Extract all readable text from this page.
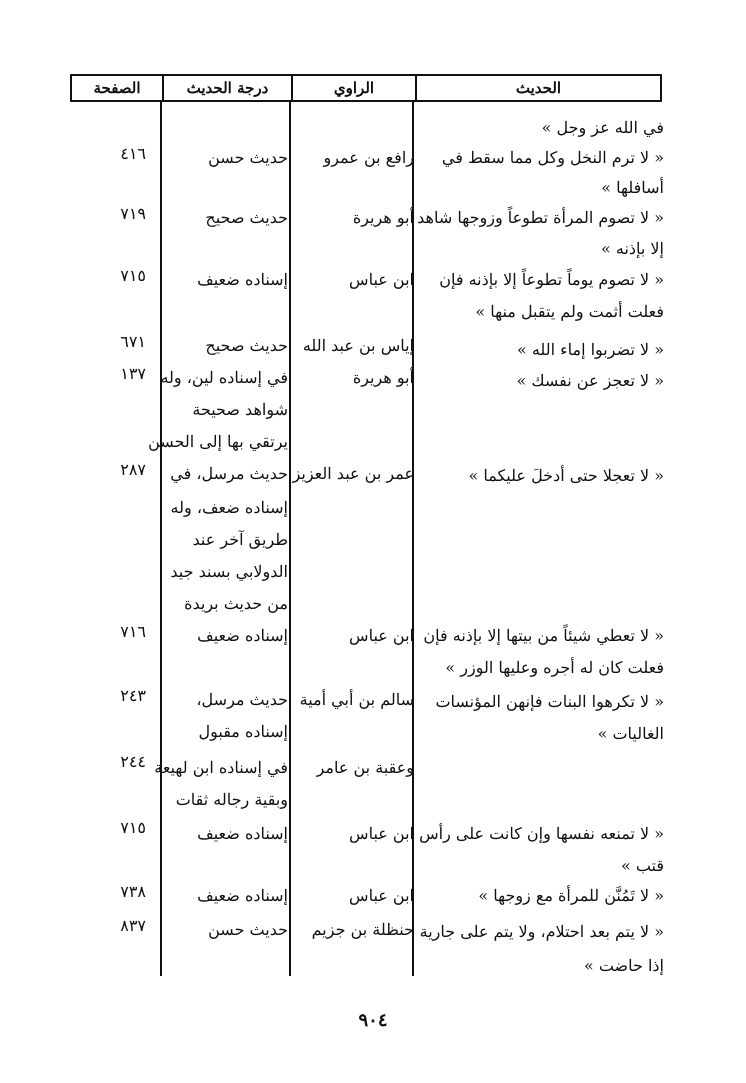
الحديث
الراوي
درجة الحديث
الصفحة
في الله عز وجل »
« لا ترم النخل وكل مما سقط في
أسافلها »
« لا تصوم المرأة تطوعاً وزوجها شاهد
إلا بإذنه »
« لا تصوم يوماً تطوعاً إلا بإذنه فإن
فعلت أثمت ولم يتقبل منها »
« لا تضربوا إماء الله »
« لا تعجز عن نفسك »
« لا تعجلا حتى أدخلَ عليكما »
« لا تعطي شيئاً من بيتها إلا بإذنه فإن
فعلت كان له أجره وعليها الوزر »
« لا تكرهوا البنات فإنهن المؤنسات
الغاليات »
« لا تمنعه نفسها وإن كانت على رأس
قتب »
« لا تَمُنَّن للمرأة مع زوجها »
« لا يتم بعد احتلام، ولا يتم على جارية
إذا حاضت »
رافع بن عمرو
أبو هريرة
ابن عباس
إياس بن عبد الله
أبو هريرة
عمر بن عبد العزيز
ابن عباس
سالم بن أبي أمية
وعقبة بن عامر
ابن عباس
ابن عباس
حنظلة بن جزيم
حديث حسن
حديث صحيح
إسناده ضعيف
حديث صحيح
في إسناده لين، وله
شواهد صحيحة
يرتقي بها إلى الحسن
حديث مرسل، في
إسناده ضعف، وله
طريق آخر عند
الدولابي بسند جيد
من حديث بريدة
إسناده ضعيف
حديث مرسل،
إسناده مقبول
في إسناده ابن لهيعة
وبقية رجاله ثقات
إسناده ضعيف
إسناده ضعيف
حديث حسن
٤١٦
٧١٩
٧١٥
٦٧١
١٣٧
٢٨٧
٧١٦
٢٤٣
٢٤٤
٧١٥
٧٣٨
٨٣٧
٩٠٤
